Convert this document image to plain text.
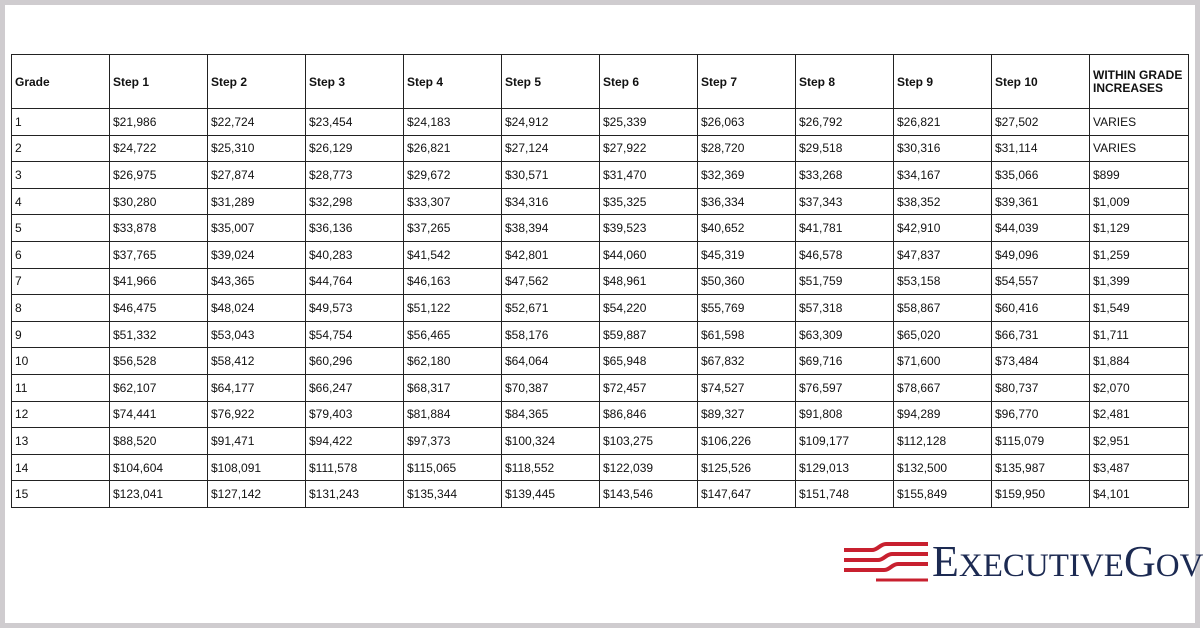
Grade	Step 1	Step 2	Step 3	Step 4	Step 5	Step 6	Step 7	Step 8	Step 9	Step 10	WITHIN GRADE INCREASES
1	$21,986	$22,724	$23,454	$24,183	$24,912	$25,339	$26,063	$26,792	$26,821	$27,502	VARIES
2	$24,722	$25,310	$26,129	$26,821	$27,124	$27,922	$28,720	$29,518	$30,316	$31,114	VARIES
3	$26,975	$27,874	$28,773	$29,672	$30,571	$31,470	$32,369	$33,268	$34,167	$35,066	$899
4	$30,280	$31,289	$32,298	$33,307	$34,316	$35,325	$36,334	$37,343	$38,352	$39,361	$1,009
5	$33,878	$35,007	$36,136	$37,265	$38,394	$39,523	$40,652	$41,781	$42,910	$44,039	$1,129
6	$37,765	$39,024	$40,283	$41,542	$42,801	$44,060	$45,319	$46,578	$47,837	$49,096	$1,259
7	$41,966	$43,365	$44,764	$46,163	$47,562	$48,961	$50,360	$51,759	$53,158	$54,557	$1,399
8	$46,475	$48,024	$49,573	$51,122	$52,671	$54,220	$55,769	$57,318	$58,867	$60,416	$1,549
9	$51,332	$53,043	$54,754	$56,465	$58,176	$59,887	$61,598	$63,309	$65,020	$66,731	$1,711
10	$56,528	$58,412	$60,296	$62,180	$64,064	$65,948	$67,832	$69,716	$71,600	$73,484	$1,884
11	$62,107	$64,177	$66,247	$68,317	$70,387	$72,457	$74,527	$76,597	$78,667	$80,737	$2,070
12	$74,441	$76,922	$79,403	$81,884	$84,365	$86,846	$89,327	$91,808	$94,289	$96,770	$2,481
13	$88,520	$91,471	$94,422	$97,373	$100,324	$103,275	$106,226	$109,177	$112,128	$115,079	$2,951
14	$104,604	$108,091	$111,578	$115,065	$118,552	$122,039	$125,526	$129,013	$132,500	$135,987	$3,487
15	$123,041	$127,142	$131,243	$135,344	$139,445	$143,546	$147,647	$151,748	$155,849	$159,950	$4,101
EXECUTIVEGOV
